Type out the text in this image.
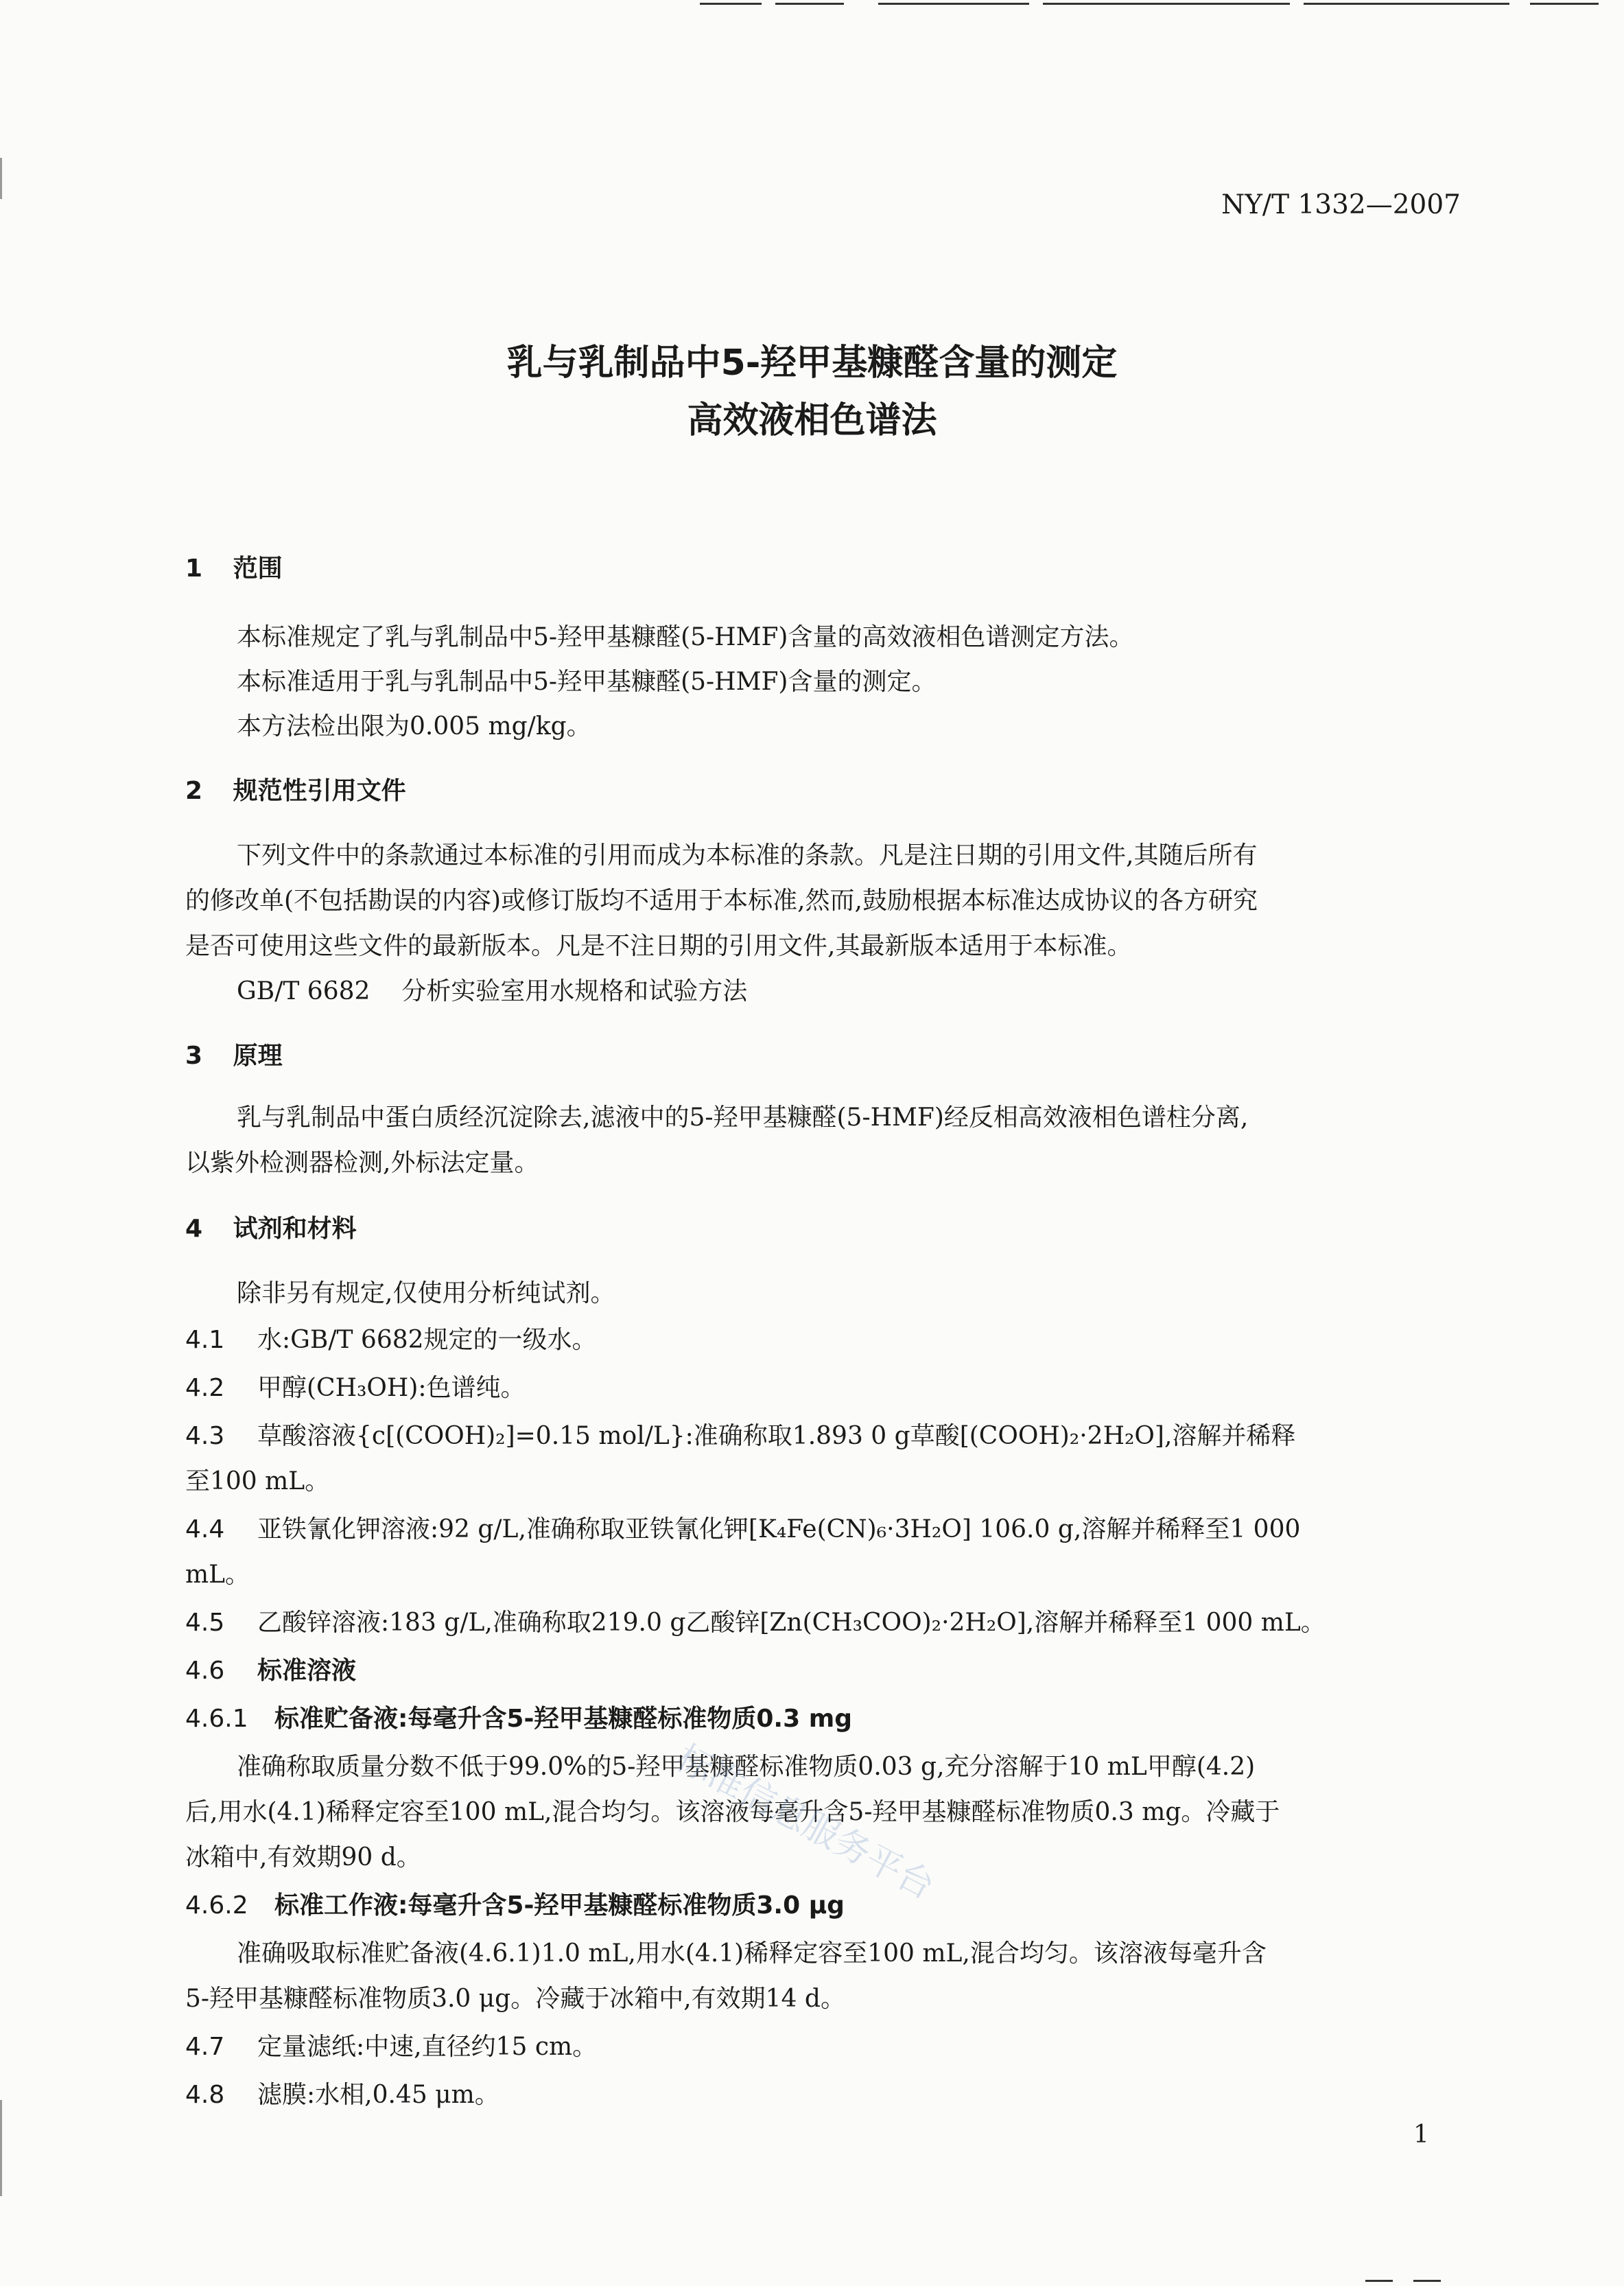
NY/T 1332—2007
乳与乳制品中5-羟甲基糠醛含量的测定
高效液相色谱法
1 范围
本标准规定了乳与乳制品中5-羟甲基糠醛(5-HMF)含量的高效液相色谱测定方法。
本标准适用于乳与乳制品中5-羟甲基糠醛(5-HMF)含量的测定。
本方法检出限为0.005 mg/kg。
2 规范性引用文件
下列文件中的条款通过本标准的引用而成为本标准的条款。凡是注日期的引用文件,其随后所有
的修改单(不包括勘误的内容)或修订版均不适用于本标准,然而,鼓励根据本标准达成协议的各方研究
是否可使用这些文件的最新版本。凡是不注日期的引用文件,其最新版本适用于本标准。
GB/T 6682    分析实验室用水规格和试验方法
3 原理
乳与乳制品中蛋白质经沉淀除去,滤液中的5-羟甲基糠醛(5-HMF)经反相高效液相色谱柱分离,
以紫外检测器检测,外标法定量。
4 试剂和材料
除非另有规定,仅使用分析纯试剂。
4.1 水:GB/T 6682规定的一级水。
4.2 甲醇(CH₃OH):色谱纯。
4.3 草酸溶液{c[(COOH)₂]=0.15 mol/L}:准确称取1.893 0 g草酸[(COOH)₂·2H₂O],溶解并稀释
至100 mL。
4.4 亚铁氰化钾溶液:92 g/L,准确称取亚铁氰化钾[K₄Fe(CN)₆·3H₂O] 106.0 g,溶解并稀释至1 000
mL。
4.5 乙酸锌溶液:183 g/L,准确称取219.0 g乙酸锌[Zn(CH₃COO)₂·2H₂O],溶解并稀释至1 000 mL。
4.6 标准溶液
4.6.1 标准贮备液:每毫升含5-羟甲基糠醛标准物质0.3 mg
准确称取质量分数不低于99.0%的5-羟甲基糠醛标准物质0.03 g,充分溶解于10 mL甲醇(4.2)
后,用水(4.1)稀释定容至100 mL,混合均匀。该溶液每毫升含5-羟甲基糠醛标准物质0.3 mg。冷藏于
冰箱中,有效期90 d。
4.6.2 标准工作液:每毫升含5-羟甲基糠醛标准物质3.0 μg
准确吸取标准贮备液(4.6.1)1.0 mL,用水(4.1)稀释定容至100 mL,混合均匀。该溶液每毫升含
5-羟甲基糠醛标准物质3.0 μg。冷藏于冰箱中,有效期14 d。
4.7 定量滤纸:中速,直径约15 cm。
4.8 滤膜:水相,0.45 μm。
标准信息服务平台
1
